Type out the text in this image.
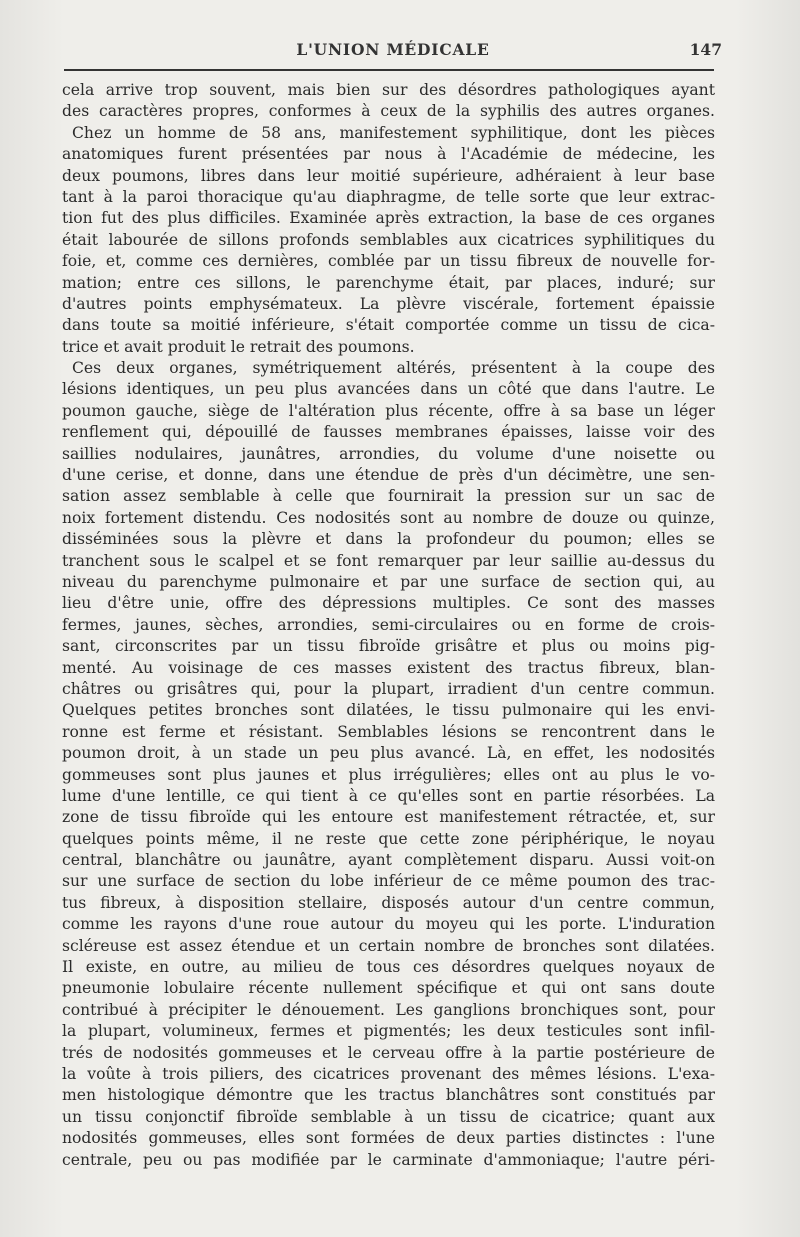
L'UNION MÉDICALE	147
cela arrive trop souvent, mais bien sur des désordres pathologiques ayant
des caractères propres, conformes à ceux de la syphilis des autres organes.
Chez un homme de 58 ans, manifestement syphilitique, dont les pièces
anatomiques furent présentées par nous à l'Académie de médecine, les
deux poumons, libres dans leur moitié supérieure, adhéraient à leur base
tant à la paroi thoracique qu'au diaphragme, de telle sorte que leur extrac-
tion fut des plus difficiles. Examinée après extraction, la base de ces organes
était labourée de sillons profonds semblables aux cicatrices syphilitiques du
foie, et, comme ces dernières, comblée par un tissu fibreux de nouvelle for-
mation; entre ces sillons, le parenchyme était, par places, induré; sur
d'autres points emphysémateux. La plèvre viscérale, fortement épaissie
dans toute sa moitié inférieure, s'était comportée comme un tissu de cica-
trice et avait produit le retrait des poumons.
Ces deux organes, symétriquement altérés, présentent à la coupe des
lésions identiques, un peu plus avancées dans un côté que dans l'autre. Le
poumon gauche, siège de l'altération plus récente, offre à sa base un léger
renflement qui, dépouillé de fausses membranes épaisses, laisse voir des
saillies nodulaires, jaunâtres, arrondies, du volume d'une noisette ou
d'une cerise, et donne, dans une étendue de près d'un décimètre, une sen-
sation assez semblable à celle que fournirait la pression sur un sac de
noix fortement distendu. Ces nodosités sont au nombre de douze ou quinze,
disséminées sous la plèvre et dans la profondeur du poumon; elles se
tranchent sous le scalpel et se font remarquer par leur saillie au-dessus du
niveau du parenchyme pulmonaire et par une surface de section qui, au
lieu d'être unie, offre des dépressions multiples. Ce sont des masses
fermes, jaunes, sèches, arrondies, semi-circulaires ou en forme de crois-
sant, circonscrites par un tissu fibroïde grisâtre et plus ou moins pig-
menté. Au voisinage de ces masses existent des tractus fibreux, blan-
châtres ou grisâtres qui, pour la plupart, irradient d'un centre commun.
Quelques petites bronches sont dilatées, le tissu pulmonaire qui les envi-
ronne est ferme et résistant. Semblables lésions se rencontrent dans le
poumon droit, à un stade un peu plus avancé. Là, en effet, les nodosités
gommeuses sont plus jaunes et plus irrégulières; elles ont au plus le vo-
lume d'une lentille, ce qui tient à ce qu'elles sont en partie résorbées. La
zone de tissu fibroïde qui les entoure est manifestement rétractée, et, sur
quelques points même, il ne reste que cette zone périphérique, le noyau
central, blanchâtre ou jaunâtre, ayant complètement disparu. Aussi voit-on
sur une surface de section du lobe inférieur de ce même poumon des trac-
tus fibreux, à disposition stellaire, disposés autour d'un centre commun,
comme les rayons d'une roue autour du moyeu qui les porte. L'induration
scléreuse est assez étendue et un certain nombre de bronches sont dilatées.
Il existe, en outre, au milieu de tous ces désordres quelques noyaux de
pneumonie lobulaire récente nullement spécifique et qui ont sans doute
contribué à précipiter le dénouement. Les ganglions bronchiques sont, pour
la plupart, volumineux, fermes et pigmentés; les deux testicules sont infil-
trés de nodosités gommeuses et le cerveau offre à la partie postérieure de
la voûte à trois piliers, des cicatrices provenant des mêmes lésions. L'exa-
men histologique démontre que les tractus blanchâtres sont constitués par
un tissu conjonctif fibroïde semblable à un tissu de cicatrice; quant aux
nodosités gommeuses, elles sont formées de deux parties distinctes : l'une
centrale, peu ou pas modifiée par le carminate d'ammoniaque; l'autre péri-
